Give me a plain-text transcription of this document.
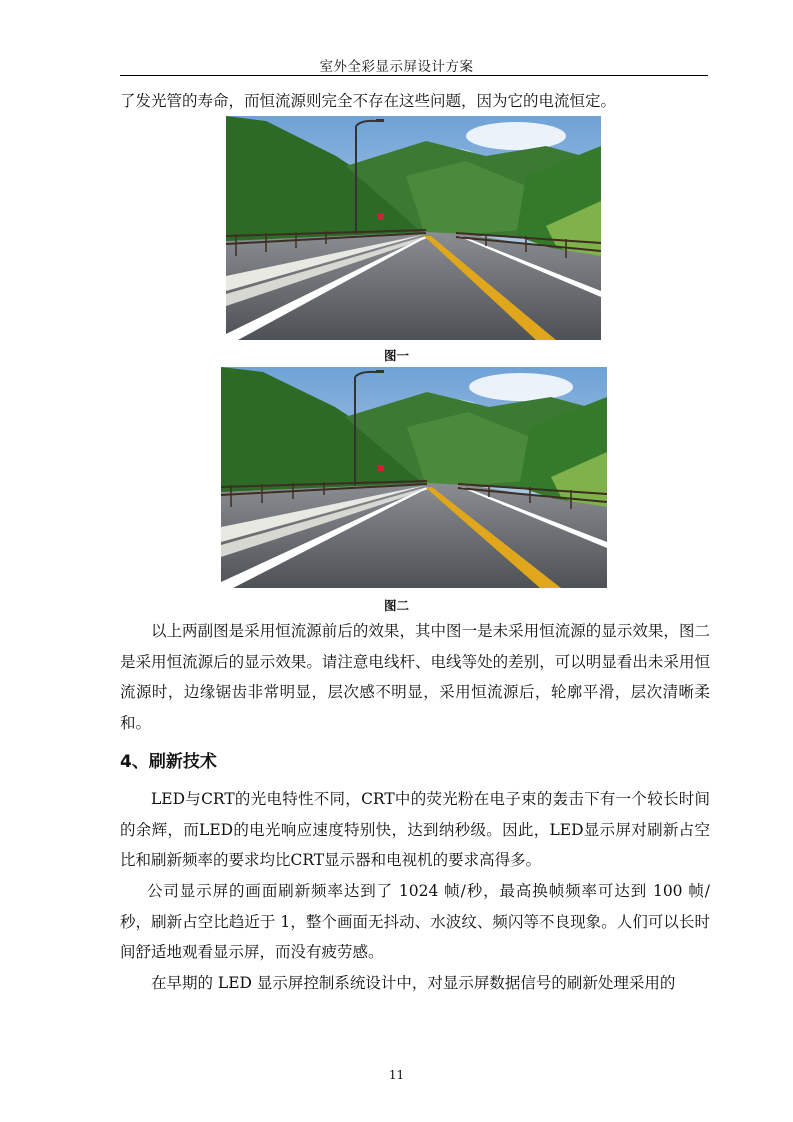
室外全彩显示屏设计方案
了发光管的寿命，而恒流源则完全不存在这些问题，因为它的电流恒定。
图一
图二
以上两副图是采用恒流源前后的效果，其中图一是未采用恒流源的显示效果，图二是采用恒流源后的显示效果。请注意电线杆、电线等处的差别，可以明显看出未采用恒流源时，边缘锯齿非常明显，层次感不明显，采用恒流源后，轮廓平滑，层次清晰柔和。
4、刷新技术
LED与CRT的光电特性不同，CRT中的荧光粉在电子束的轰击下有一个较长时间的余辉，而LED的电光响应速度特别快，达到纳秒级。因此，LED显示屏对刷新占空比和刷新频率的要求均比CRT显示器和电视机的要求高得多。
公司显示屏的画面刷新频率达到了 1024 帧/秒，最高换帧频率可达到 100 帧/秒，刷新占空比趋近于 1，整个画面无抖动、水波纹、频闪等不良现象。人们可以长时间舒适地观看显示屏，而没有疲劳感。
在早期的 LED 显示屏控制系统设计中，对显示屏数据信号的刷新处理采用的
11
